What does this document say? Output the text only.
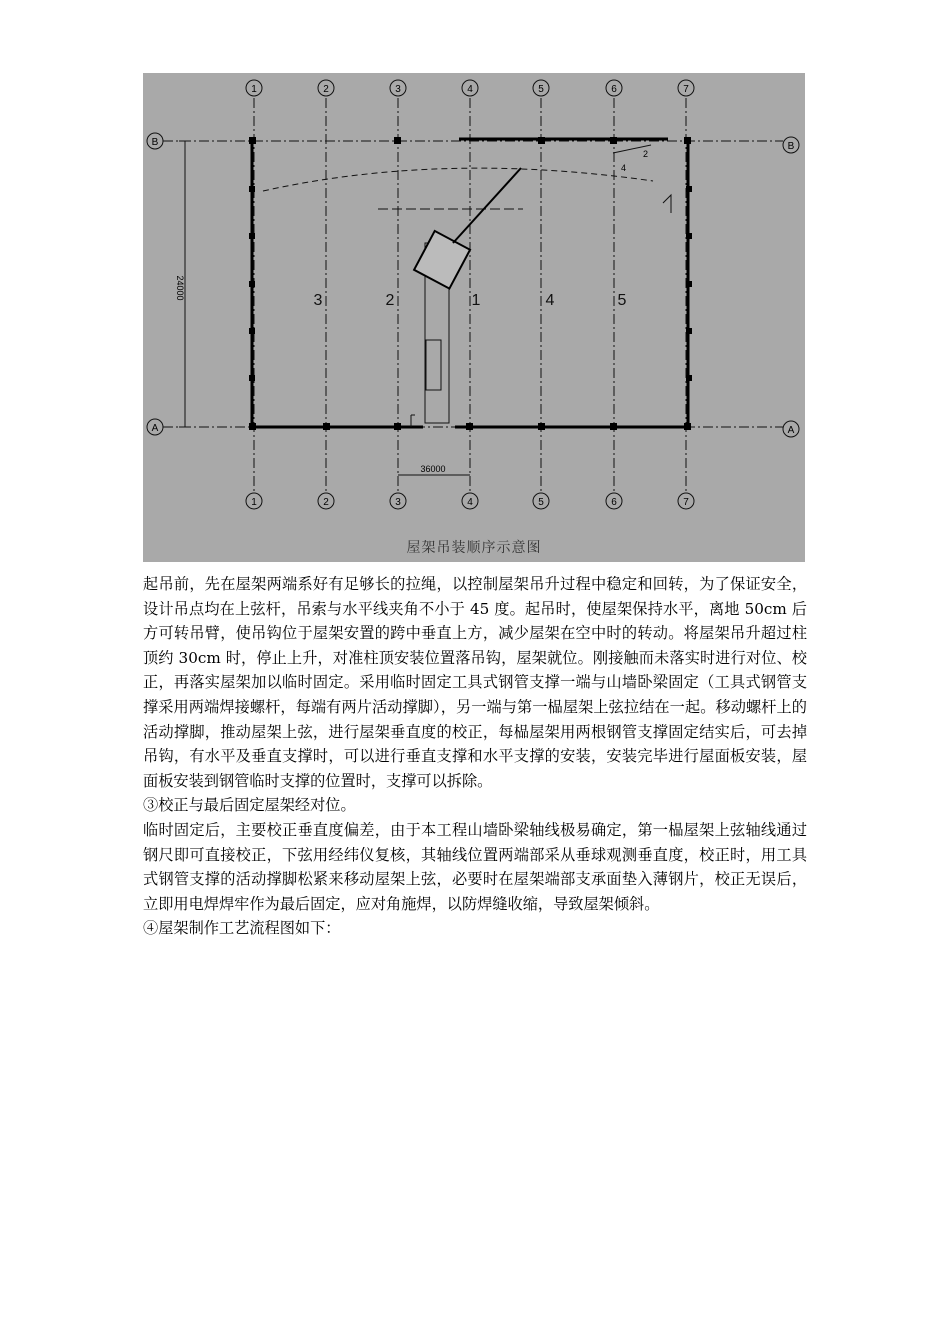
1	2	3	4	5	6	7
1	2	3	4	5	6	7
B
A
B
A
24000
36000
2
4
3	2	1	4	5
屋架吊装顺序示意图

起吊前，先在屋架两端系好有足够长的拉绳，以控制屋架吊升过程中稳定和回转，为了保证安全，设计吊点均在上弦杆，吊索与水平线夹角不小于 45 度。起吊时，使屋架保持水平，离地 50cm 后方可转吊臂，使吊钩位于屋架安置的跨中垂直上方，减少屋架在空中时的转动。将屋架吊升超过柱顶约 30cm 时，停止上升，对准柱顶安装位置落吊钩，屋架就位。刚接触而未落实时进行对位、校正，再落实屋架加以临时固定。采用临时固定工具式钢管支撑一端与山墙卧梁固定（工具式钢管支撑采用两端焊接螺杆，每端有两片活动撑脚），另一端与第一榀屋架上弦拉结在一起。移动螺杆上的活动撑脚，推动屋架上弦，进行屋架垂直度的校正，每榀屋架用两根钢管支撑固定结实后，可去掉吊钩，有水平及垂直支撑时，可以进行垂直支撑和水平支撑的安装，安装完毕进行屋面板安装，屋面板安装到钢管临时支撑的位置时，支撑可以拆除。

③校正与最后固定屋架经对位。

临时固定后，主要校正垂直度偏差，由于本工程山墙卧梁轴线极易确定，第一榀屋架上弦轴线通过钢尺即可直接校正，下弦用经纬仪复核，其轴线位置两端部采从垂球观测垂直度，校正时，用工具式钢管支撑的活动撑脚松紧来移动屋架上弦，必要时在屋架端部支承面垫入薄钢片，校正无误后，立即用电焊焊牢作为最后固定，应对角施焊，以防焊缝收缩，导致屋架倾斜。

④屋架制作工艺流程图如下：
